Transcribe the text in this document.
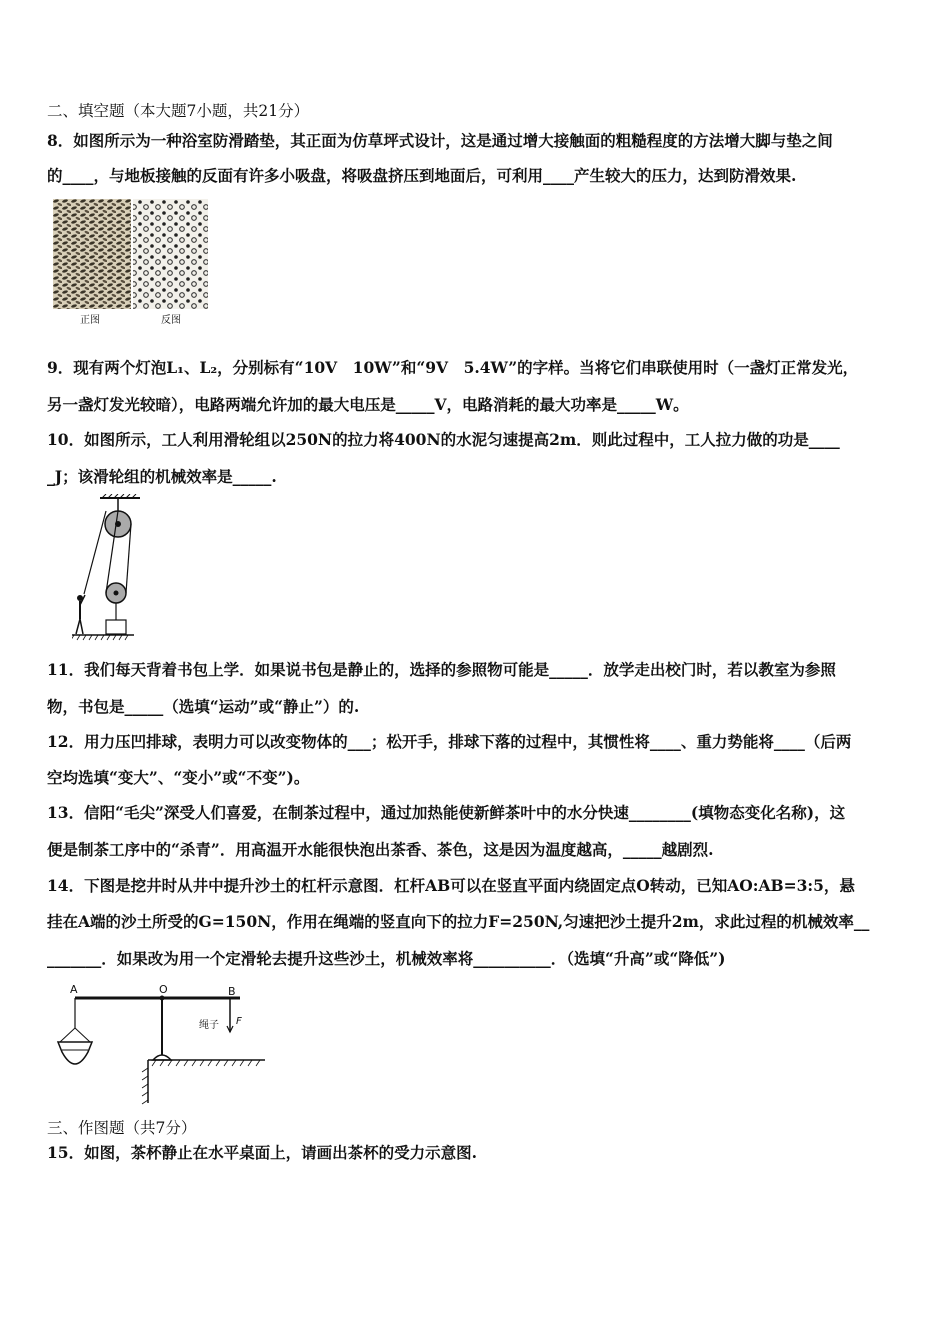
二、填空题（本大题7小题，共21分）
8．如图所示为一种浴室防滑踏垫，其正面为仿草坪式设计，这是通过增大接触面的粗糙程度的方法增大脚与垫之间
的____，与地板接触的反面有许多小吸盘，将吸盘挤压到地面后，可利用____产生较大的压力，达到防滑效果.
正图	反图
9．现有两个灯泡L₁、L₂，分别标有“10V　10W”和“9V　5.4W”的字样。当将它们串联使用时（一盏灯正常发光，
另一盏灯发光较暗），电路两端允许加的最大电压是_____V，电路消耗的最大功率是_____W。
10．如图所示，工人利用滑轮组以250N的拉力将400N的水泥匀速提高2m．则此过程中，工人拉力做的功是____
_J；该滑轮组的机械效率是_____.
11．我们每天背着书包上学．如果说书包是静止的，选择的参照物可能是_____．放学走出校门时，若以教室为参照
物，书包是_____（选填“运动”或“静止”）的.
12．用力压凹排球，表明力可以改变物体的___；松开手，排球下落的过程中，其惯性将____、重力势能将____（后两
空均选填“变大”、“变小”或“不变”)。
13．信阳“毛尖”深受人们喜爱，在制茶过程中，通过加热能使新鲜茶叶中的水分快速________(填物态变化名称)，这
便是制茶工序中的“杀青”．用高温开水能很快泡出茶香、茶色，这是因为温度越高，_____越剧烈.
14．下图是挖井时从井中提升沙土的杠杆示意图．杠杆AB可以在竖直平面内绕固定点O转动，已知AO:AB=3:5，悬
挂在A端的沙土所受的G=150N，作用在绳端的竖直向下的拉力F=250N,匀速把沙土提升2m，求此过程的机械效率__
_______．如果改为用一个定滑轮去提升这些沙土，机械效率将__________．（选填“升高”或“降低”)
A	O	B
绳子 F
三、作图题（共7分）
15．如图，茶杯静止在水平桌面上，请画出茶杯的受力示意图.
